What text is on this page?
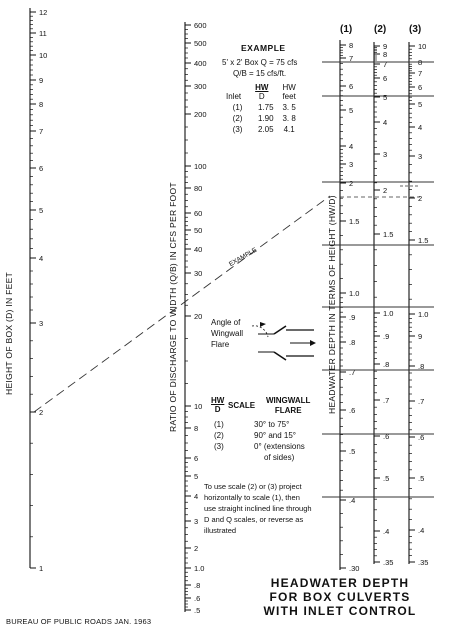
12
11
10
9
8
7
6
5
4
3
2
1
600
500
400
300
200
100
80
60
50
40
30
20
10
8
6
5
4
3
2
1.0
.8
.6
.5
8
7
6
5
4
3
2
1.5
1.0
.9
.8
.7
.6
.5
.4
.30
9
8
7
6
5
4
3
2
1.5
1.0
.9
.8
.7
.6
.5
.4
.35
10
8
7
6
5
4
3
2
1.5
1.0
9
.8
.7
.6
.5
.4
.35
HEIGHT OF BOX (D) IN FEET	RATIO OF DISCHARGE TO WIDTH (Q/B) IN CFS PER FOOT	HEADWATER DEPTH IN TERMS OF HEIGHT (HW/D)
(1) (2) (3)
EXAMPLE
EXAMPLE
5' x 2' Box Q = 75 cfs
Q/B = 15 cfs/ft.
Inlet	$\frac{HW}{D}$	HW
feet
(1)	1.75	3. 5
(2)	1.90	3. 8
(3)	2.05	4.1
Angle of
Wingwall
Flare
HW
D SCALE
WINGWALL
FLARE
(1)	30° to 75°
(2)	90° and 15°
(3)	0° (extensions
	of sides)
To use scale (2) or (3) project
horizontally to scale (1), then
use straight inclined line through
D and Q scales, or reverse as
illustrated
HEADWATER DEPTH
FOR BOX CULVERTS
WITH INLET CONTROL
BUREAU OF PUBLIC ROADS JAN. 1963
